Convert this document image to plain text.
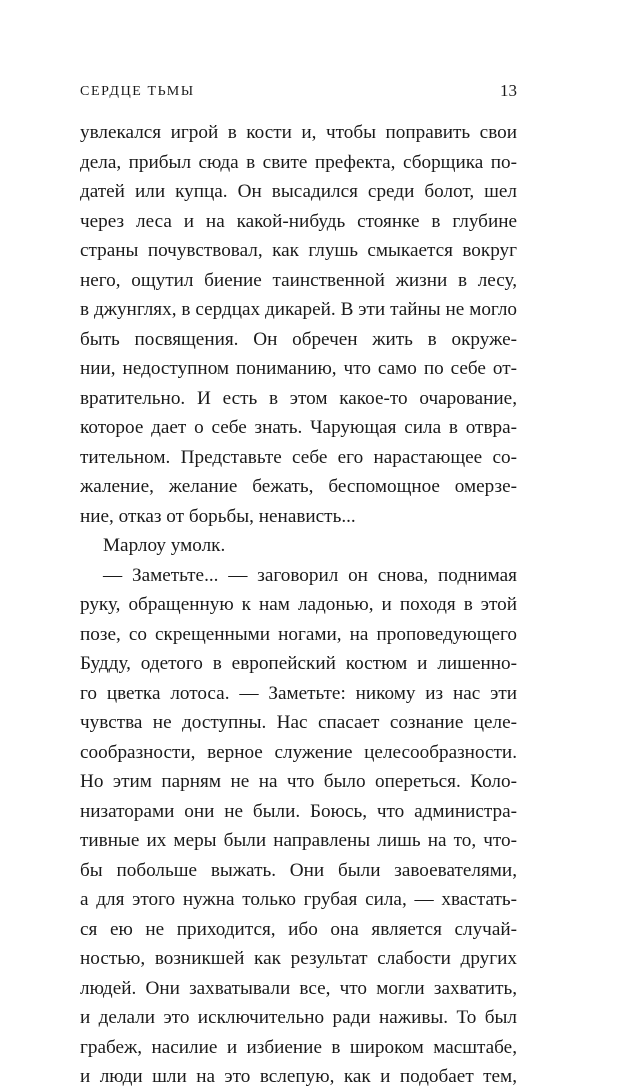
СЕРДЦЕ ТЬМЫ	13
увлекался игрой в кости и, чтобы поправить свои
дела, прибыл сюда в свите префекта, сборщика по-
датей или купца. Он высадился среди болот, шел
через леса и на какой-нибудь стоянке в глубине
страны почувствовал, как глушь смыкается вокруг
него, ощутил биение таинственной жизни в лесу,
в джунглях, в сердцах дикарей. В эти тайны не могло
быть посвящения. Он обречен жить в окруже-
нии, недоступном пониманию, что само по себе от-
вратительно. И есть в этом какое-то очарование,
которое дает о себе знать. Чарующая сила в отвра-
тительном. Представьте себе его нарастающее со-
жаление, желание бежать, беспомощное омерзе-
ние, отказ от борьбы, ненависть...
Марлоу умолк.
— Заметьте... — заговорил он снова, поднимая
руку, обращенную к нам ладонью, и походя в этой
позе, со скрещенными ногами, на проповедующего
Будду, одетого в европейский костюм и лишенно-
го цветка лотоса. — Заметьте: никому из нас эти
чувства не доступны. Нас спасает сознание целе-
сообразности, верное служение целесообразности.
Но этим парням не на что было опереться. Коло-
низаторами они не были. Боюсь, что администра-
тивные их меры были направлены лишь на то, что-
бы побольше выжать. Они были завоевателями,
а для этого нужна только грубая сила, — хвастать-
ся ею не приходится, ибо она является случай-
ностью, возникшей как результат слабости других
людей. Они захватывали все, что могли захватить,
и делали это исключительно ради наживы. То был
грабеж, насилие и избиение в широком масштабе,
и люди шли на это вслепую, как и подобает тем,
